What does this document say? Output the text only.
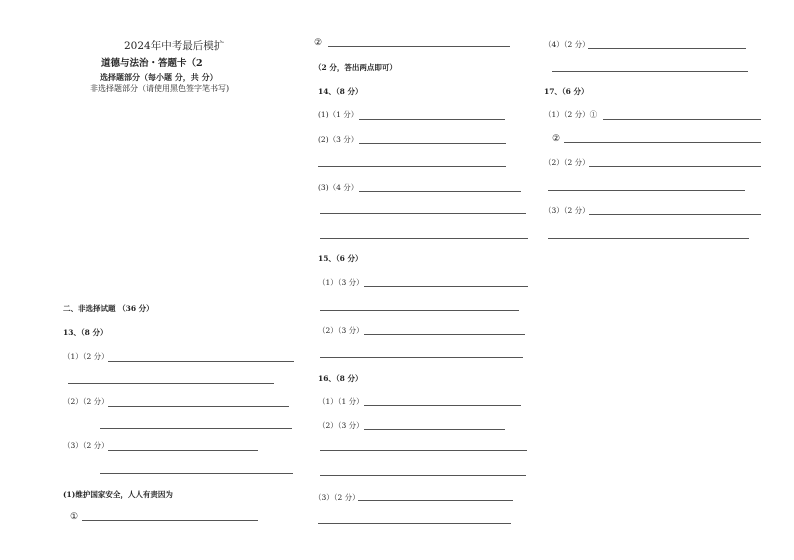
2024年中考最后模扩
道德与法治・答题卡（2
选择题部分（每小题 分，共 分）
非选择题部分（请使用黑色签字笔书写)
二、非选择试题 （36 分）
13、（8 分）
（1）（2 分）
（2）（2 分）
（3）（2 分）
(1)维护国家安全，人人有责因为
①
②
（2 分，答出两点即可）
14、（8 分）
(1)（1 分）
(2)（3 分）
(3)（4 分）
15、（6 分）
（1）（3 分）
（2）（3 分）
16、（8 分）
（1）（1 分）
（2）（3 分）
（3）（2 分）
（4）（2 分）
17、（6 分）
（1）（2 分）①
②
（2）（2 分）
（3）（2 分）
